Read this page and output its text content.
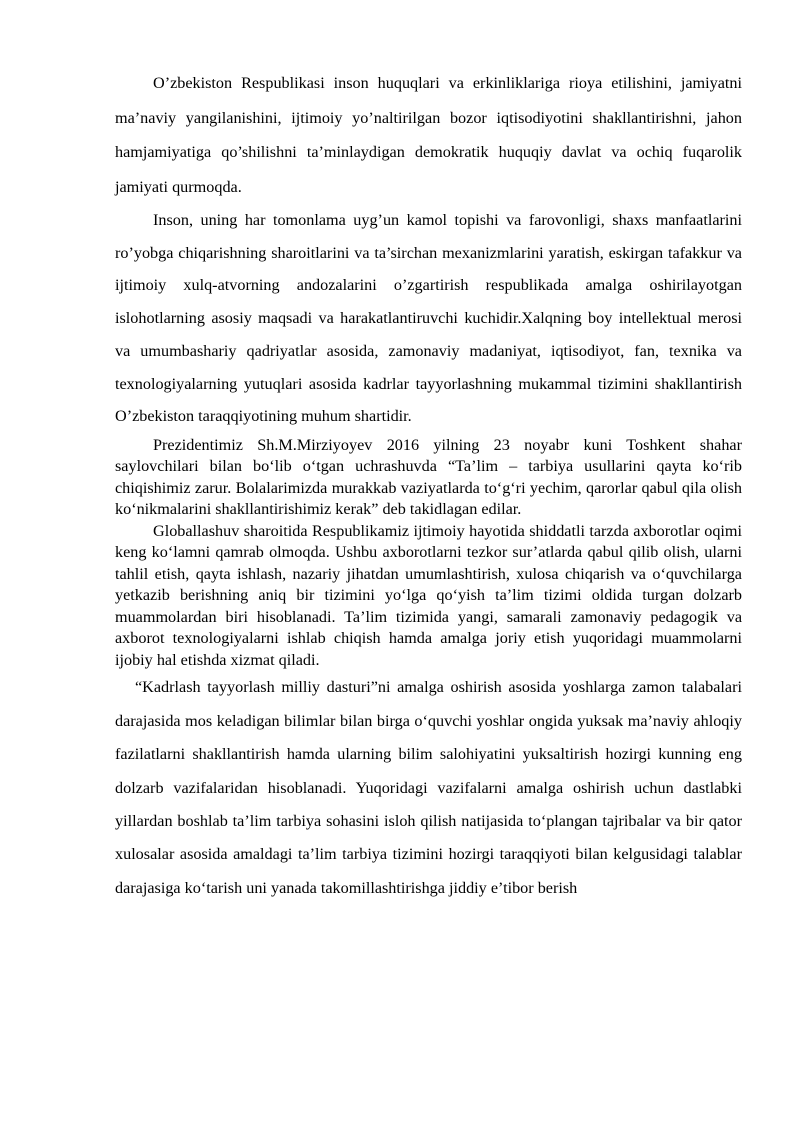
O’zbekiston Respublikasi inson huquqlari va erkinliklariga rioya etilishini, jamiyatni ma’naviy yangilanishini, ijtimoiy yo’naltirilgan bozor iqtisodiyotini shakllantirishni, jahon hamjamiyatiga qo’shilishni ta’minlaydigan demokratik huquqiy davlat va ochiq fuqarolik jamiyati qurmoqda.

Inson, uning har tomonlama uyg’un kamol topishi va farovonligi, shaxs manfaatlarini ro’yobga chiqarishning sharoitlarini va ta’sirchan mexanizmlarini yaratish, eskirgan tafakkur va ijtimoiy xulq-atvorning andozalarini o’zgartirish respublikada amalga oshirilayotgan islohotlarning asosiy maqsadi va harakatlantiruvchi kuchidir.Xalqning boy intellektual merosi va umumbashariy qadriyatlar asosida, zamonaviy madaniyat, iqtisodiyot, fan, texnika va texnologiyalarning yutuqlari asosida kadrlar tayyorlashning mukammal tizimini shakllantirish O’zbekiston taraqqiyotining muhum shartidir.

Prezidentimiz Sh.M.Mirziyoyev 2016 yilning 23 noyabr kuni Toshkent shahar saylovchilari bilan bo‘lib o‘tgan uchrashuvda “Ta’lim – tarbiya usullarini qayta ko‘rib chiqishimiz zarur. Bolalarimizda murakkab vaziyatlarda to‘g‘ri yechim, qarorlar qabul qila olish ko‘nikmalarini shakllantirishimiz kerak” deb takidlagan edilar.

Globallashuv sharoitida Respublikamiz ijtimoiy hayotida shiddatli tarzda axborotlar oqimi keng ko‘lamni qamrab olmoqda. Ushbu axborotlarni tezkor sur’atlarda qabul qilib olish, ularni tahlil etish, qayta ishlash, nazariy jihatdan umumlashtirish, xulosa chiqarish va o‘quvchilarga yetkazib berishning aniq bir tizimini yo‘lga qo‘yish ta’lim tizimi oldida turgan dolzarb muammolardan biri hisoblanadi. Ta’lim tizimida yangi, samarali zamonaviy pedagogik va axborot texnologiyalarni ishlab chiqish hamda amalga joriy etish yuqoridagi muammolarni ijobiy hal etishda xizmat qiladi.

“Kadrlash tayyorlash milliy dasturi”ni amalga oshirish asosida yoshlarga zamon talabalari darajasida mos keladigan bilimlar bilan birga o‘quvchi yoshlar ongida yuksak ma’naviy ahloqiy fazilatlarni shakllantirish hamda ularning bilim salohiyatini yuksaltirish hozirgi kunning eng dolzarb vazifalaridan hisoblanadi. Yuqoridagi vazifalarni amalga oshirish uchun dastlabki yillardan boshlab ta’lim tarbiya sohasini isloh qilish natijasida to‘plangan tajribalar va bir qator xulosalar asosida amaldagi ta’lim tarbiya tizimini hozirgi taraqqiyoti bilan kelgusidagi talablar darajasiga ko‘tarish uni yanada takomillashtirishga jiddiy e’tibor berish
